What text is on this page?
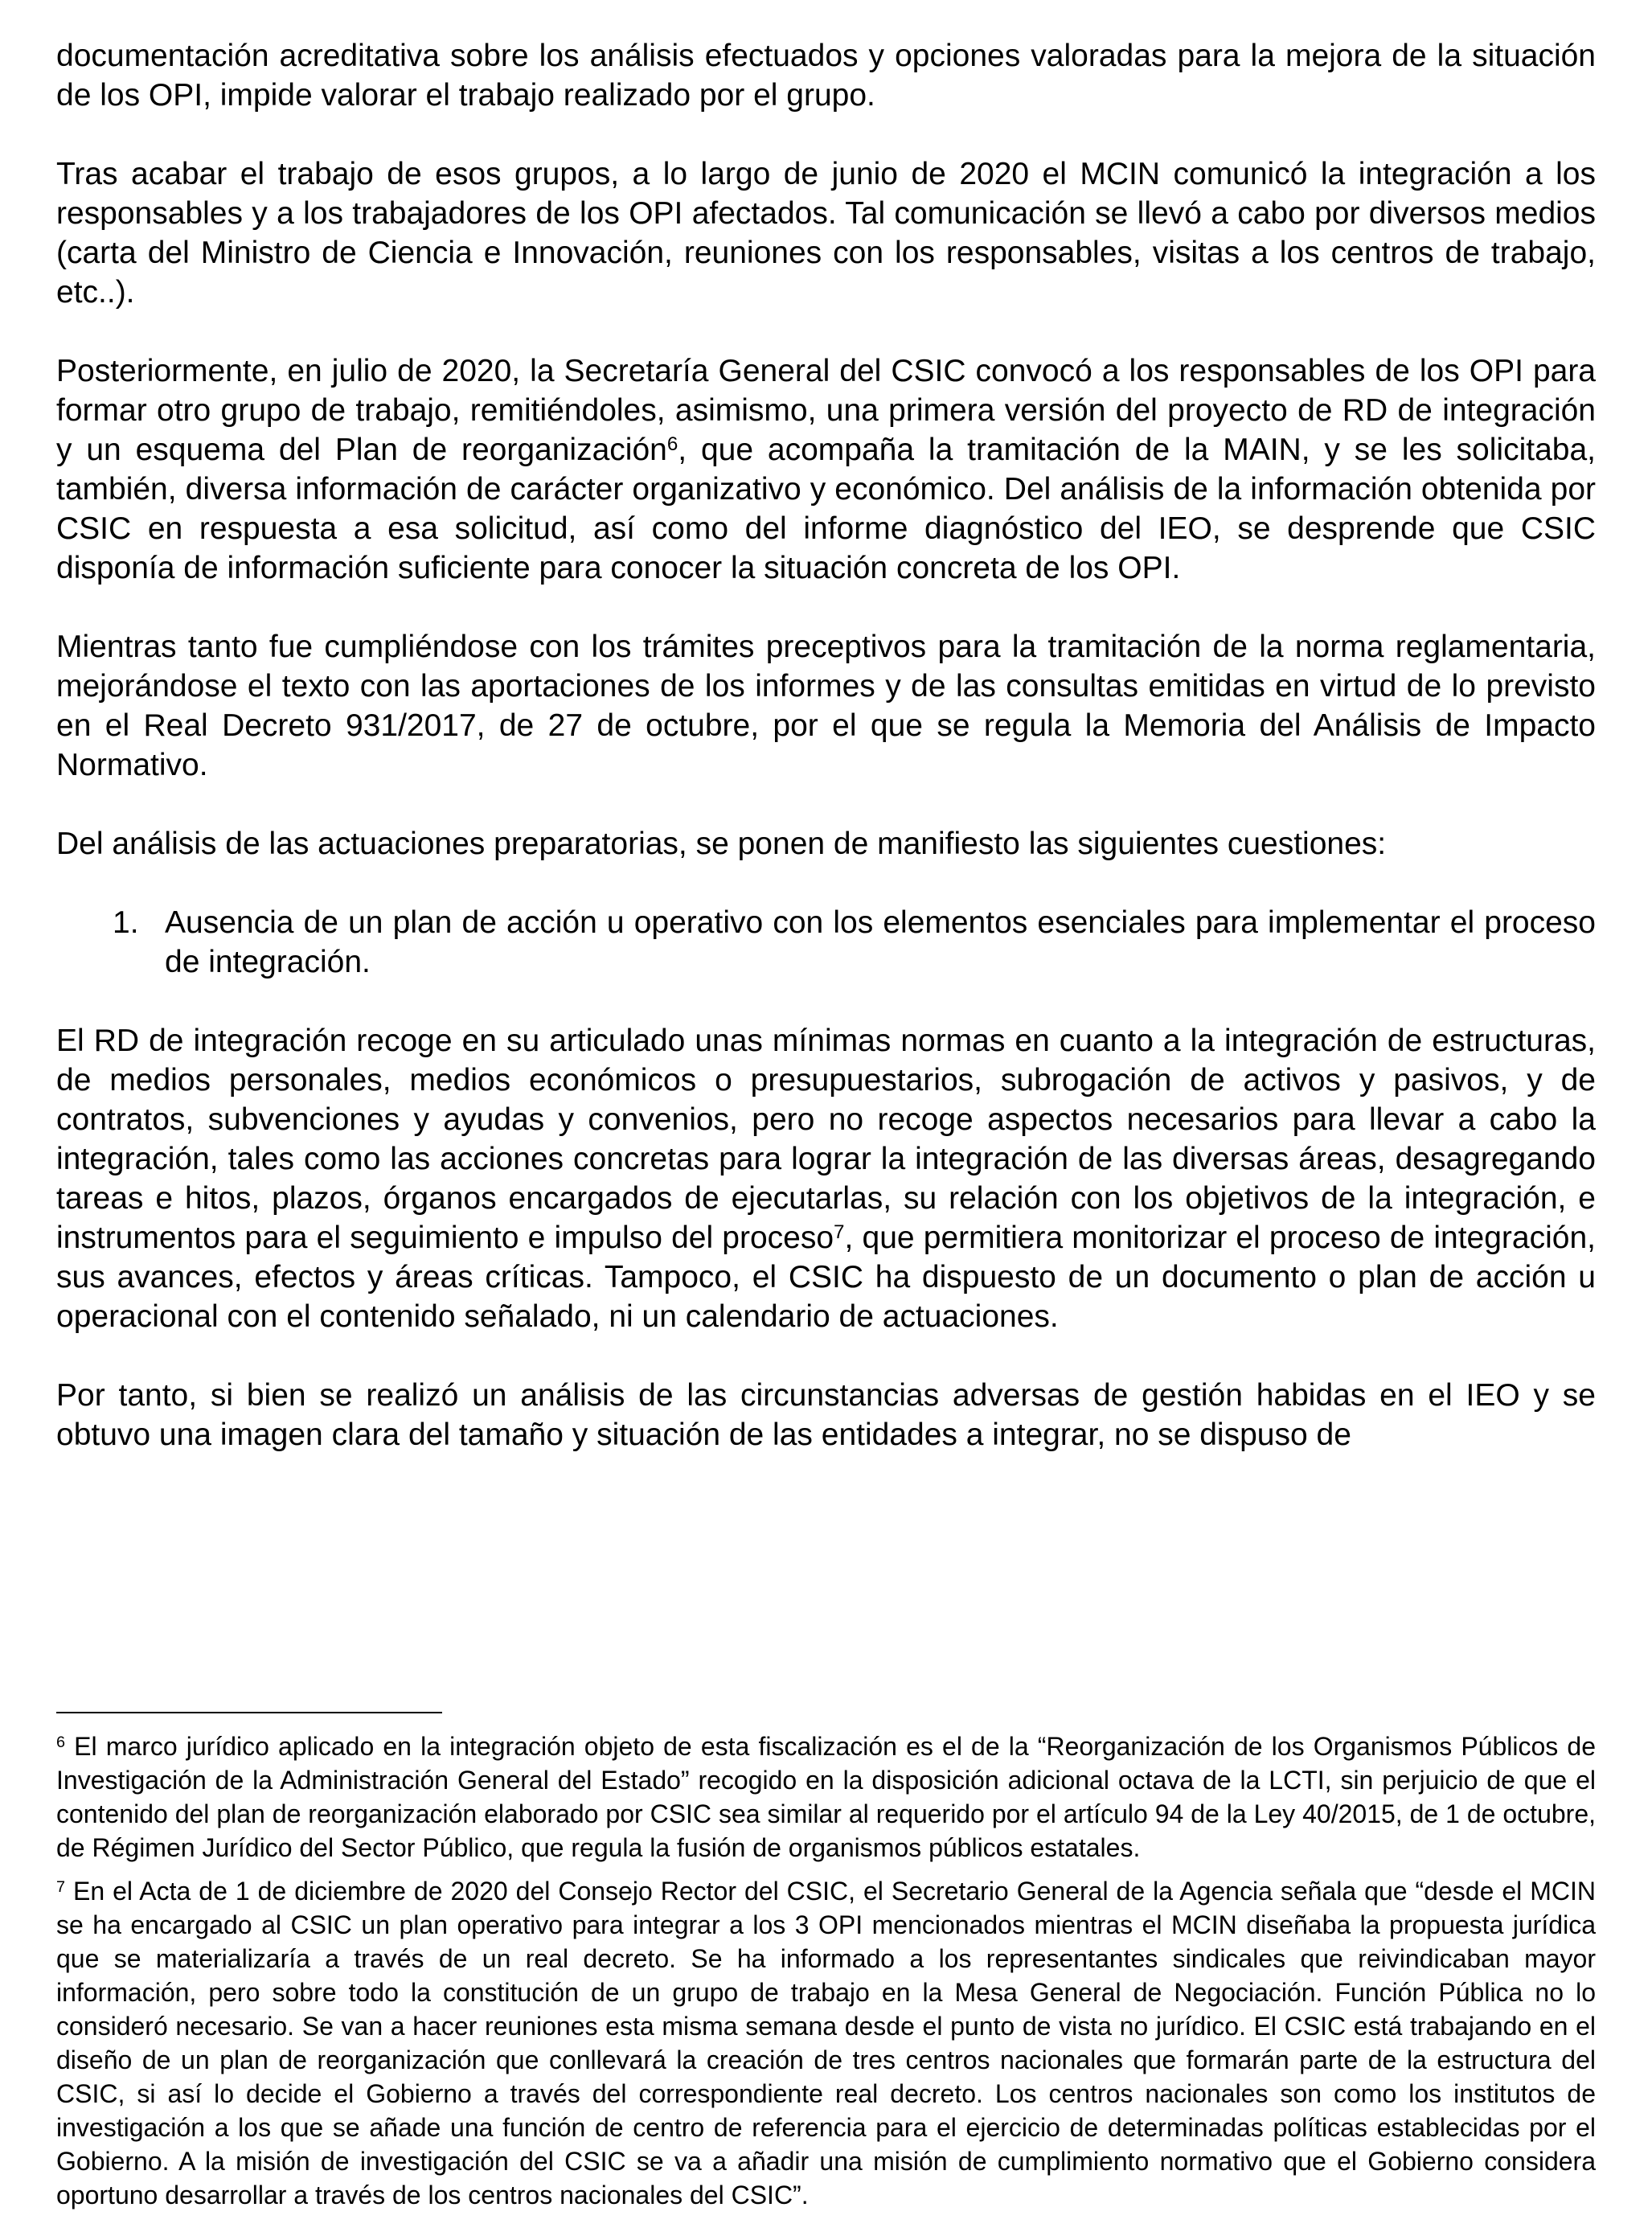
documentación acreditativa sobre los análisis efectuados y opciones valoradas para la mejora de la situación de los OPI, impide valorar el trabajo realizado por el grupo.

Tras acabar el trabajo de esos grupos, a lo largo de junio de 2020 el MCIN comunicó la integración a los responsables y a los trabajadores de los OPI afectados. Tal comunicación se llevó a cabo por diversos medios (carta del Ministro de Ciencia e Innovación, reuniones con los responsables, visitas a los centros de trabajo, etc..).

Posteriormente, en julio de 2020, la Secretaría General del CSIC convocó a los responsables de los OPI para formar otro grupo de trabajo, remitiéndoles, asimismo, una primera versión del proyecto de RD de integración y un esquema del Plan de reorganización$^6$, que acompaña la tramitación de la MAIN, y se les solicitaba, también, diversa información de carácter organizativo y económico. Del análisis de la información obtenida por CSIC en respuesta a esa solicitud, así como del informe diagnóstico del IEO, se desprende que CSIC disponía de información suficiente para conocer la situación concreta de los OPI.

Mientras tanto fue cumpliéndose con los trámites preceptivos para la tramitación de la norma reglamentaria, mejorándose el texto con las aportaciones de los informes y de las consultas emitidas en virtud de lo previsto en el Real Decreto 931/2017, de 27 de octubre, por el que se regula la Memoria del Análisis de Impacto Normativo.

Del análisis de las actuaciones preparatorias, se ponen de manifiesto las siguientes cuestiones:

1. Ausencia de un plan de acción u operativo con los elementos esenciales para implementar el proceso de integración.

El RD de integración recoge en su articulado unas mínimas normas en cuanto a la integración de estructuras, de medios personales, medios económicos o presupuestarios, subrogación de activos y pasivos, y de contratos, subvenciones y ayudas y convenios, pero no recoge aspectos necesarios para llevar a cabo la integración, tales como las acciones concretas para lograr la integración de las diversas áreas, desagregando tareas e hitos, plazos, órganos encargados de ejecutarlas, su relación con los objetivos de la integración, e instrumentos para el seguimiento e impulso del proceso$^7$, que permitiera monitorizar el proceso de integración, sus avances, efectos y áreas críticas. Tampoco, el CSIC ha dispuesto de un documento o plan de acción u operacional con el contenido señalado, ni un calendario de actuaciones.

Por tanto, si bien se realizó un análisis de las circunstancias adversas de gestión habidas en el IEO y se obtuvo una imagen clara del tamaño y situación de las entidades a integrar, no se dispuso de

$^6$ El marco jurídico aplicado en la integración objeto de esta fiscalización es el de la “Reorganización de los Organismos Públicos de Investigación de la Administración General del Estado” recogido en la disposición adicional octava de la LCTI, sin perjuicio de que el contenido del plan de reorganización elaborado por CSIC sea similar al requerido por el artículo 94 de la Ley 40/2015, de 1 de octubre, de Régimen Jurídico del Sector Público, que regula la fusión de organismos públicos estatales.

$^7$ En el Acta de 1 de diciembre de 2020 del Consejo Rector del CSIC, el Secretario General de la Agencia señala que “desde el MCIN se ha encargado al CSIC un plan operativo para integrar a los 3 OPI mencionados mientras el MCIN diseñaba la propuesta jurídica que se materializaría a través de un real decreto. Se ha informado a los representantes sindicales que reivindicaban mayor información, pero sobre todo la constitución de un grupo de trabajo en la Mesa General de Negociación. Función Pública no lo consideró necesario. Se van a hacer reuniones esta misma semana desde el punto de vista no jurídico. El CSIC está trabajando en el diseño de un plan de reorganización que conllevará la creación de tres centros nacionales que formarán parte de la estructura del CSIC, si así lo decide el Gobierno a través del correspondiente real decreto. Los centros nacionales son como los institutos de investigación a los que se añade una función de centro de referencia para el ejercicio de determinadas políticas establecidas por el Gobierno. A la misión de investigación del CSIC se va a añadir una misión de cumplimiento normativo que el Gobierno considera oportuno desarrollar a través de los centros nacionales del CSIC”.
